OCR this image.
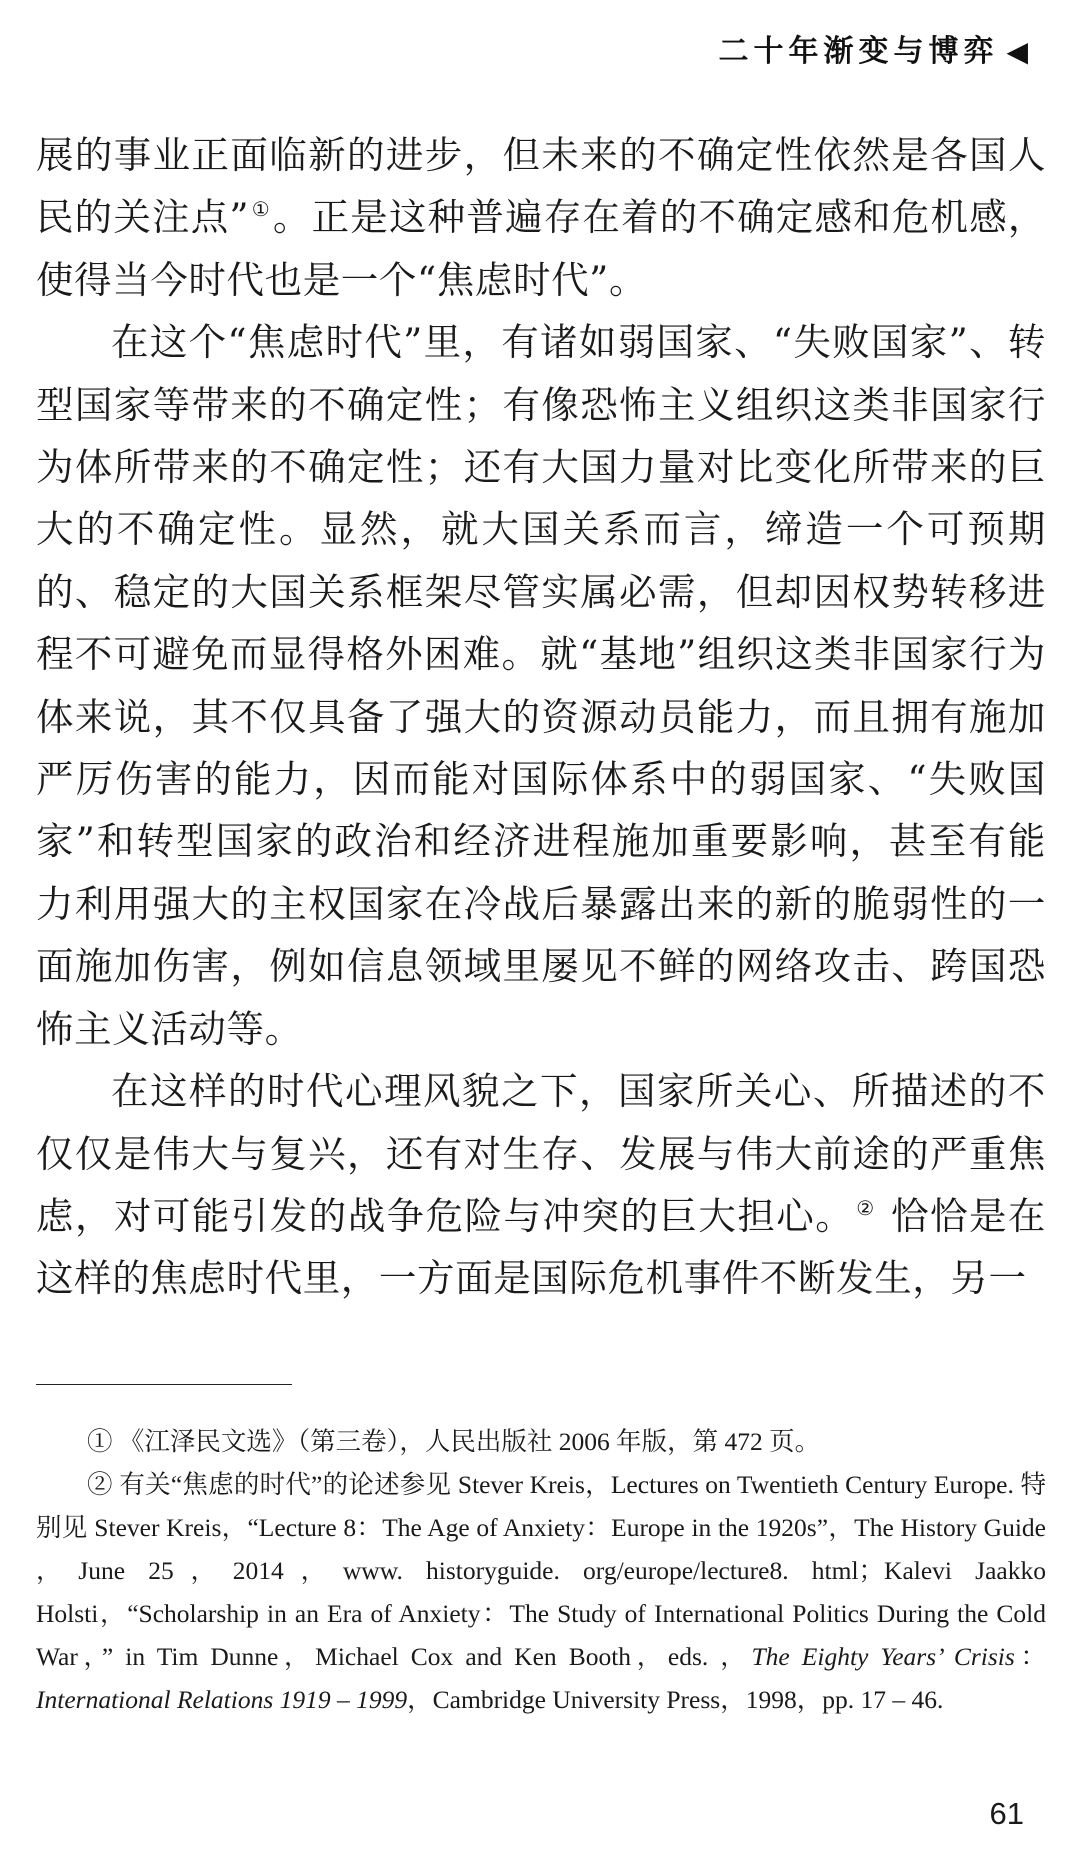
二十年渐变与博弈 ◀

展的事业正面临新的进步，但未来的不确定性依然是各国人民的关注点” ①。正是这种普遍存在着的不确定感和危机感，使得当今时代也是一个“焦虑时代”。

在这个“焦虑时代”里，有诸如弱国家、“失败国家”、转型国家等带来的不确定性；有像恐怖主义组织这类非国家行为体所带来的不确定性；还有大国力量对比变化所带来的巨大的不确定性。显然，就大国关系而言，缔造一个可预期的、稳定的大国关系框架尽管实属必需，但却因权势转移进程不可避免而显得格外困难。就“基地”组织这类非国家行为体来说，其不仅具备了强大的资源动员能力，而且拥有施加严厉伤害的能力，因而能对国际体系中的弱国家、“失败国家”和转型国家的政治和经济进程施加重要影响，甚至有能力利用强大的主权国家在冷战后暴露出来的新的脆弱性的一面施加伤害，例如信息领域里屡见不鲜的网络攻击、跨国恐怖主义活动等。

在这样的时代心理风貌之下，国家所关心、所描述的不仅仅是伟大与复兴，还有对生存、发展与伟大前途的严重焦虑，对可能引发的战争危险与冲突的巨大担心。 ② 恰恰是在这样的焦虑时代里，一方面是国际危机事件不断发生，另一

① 《江泽民文选》（第三卷），人民出版社 2006 年版，第 472 页。

② 有关“焦虑的时代”的论述参见 Stever Kreis，Lectures on Twentieth Century Europe. 特别见 Stever Kreis，“Lecture 8：The Age of Anxiety：Europe in the 1920s”，The History Guide ，June 25，2014，www. historyguide. org/europe/lecture8. html；Kalevi Jaakko Holsti，“Scholarship in an Era of Anxiety：The Study of International Politics During the Cold War，” in Tim Dunne，Michael Cox and Ken Booth，eds. ，The Eighty Years’ Crisis：International Relations 1919 – 1999，Cambridge University Press，1998，pp. 17 – 46.

61
